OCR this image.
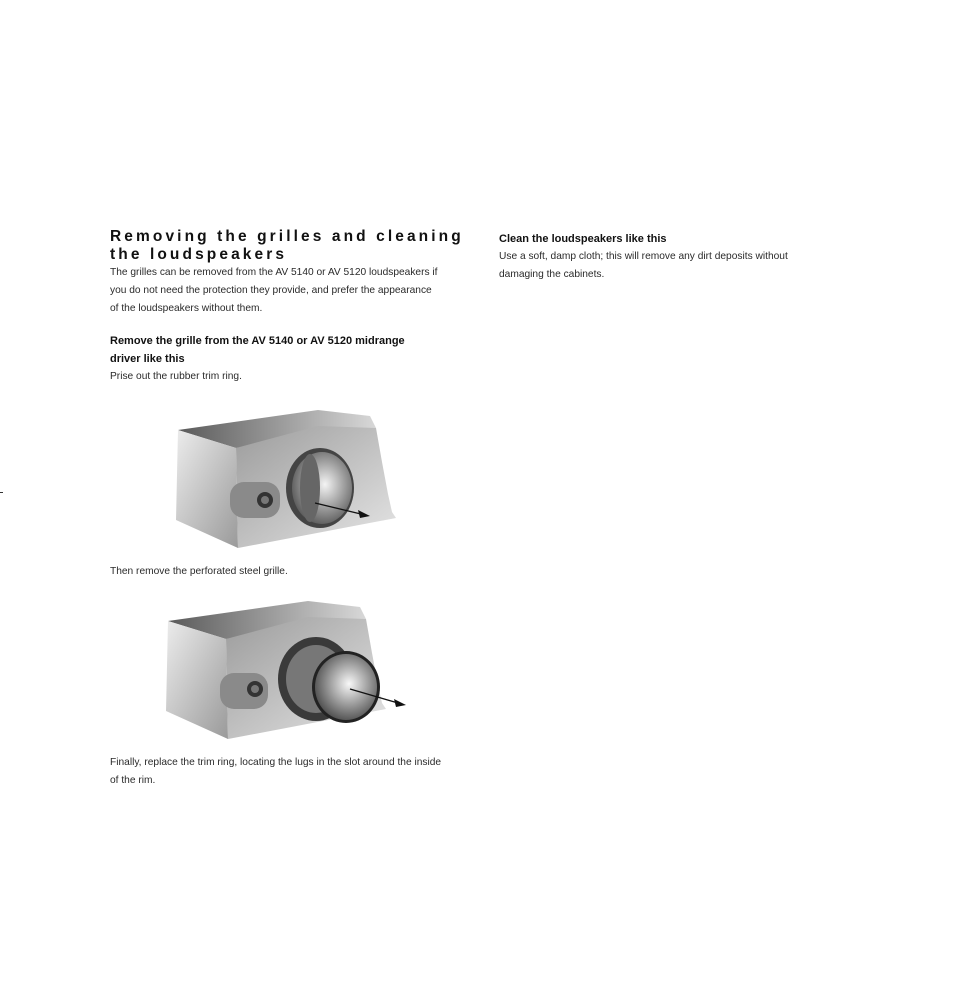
Removing the grilles and cleaning
the loudspeakers

The grilles can be removed from the AV 5140 or AV 5120 loudspeakers if
you do not need the protection they provide, and prefer the appearance
of the loudspeakers without them.

Remove the grille from the AV 5140 or AV 5120 midrange
driver like this

Prise out the rubber trim ring.

Then remove the perforated steel grille.

Finally, replace the trim ring, locating the lugs in the slot around the inside
of the rim.

Clean the loudspeakers like this

Use a soft, damp cloth; this will remove any dirt deposits without
damaging the cabinets.
